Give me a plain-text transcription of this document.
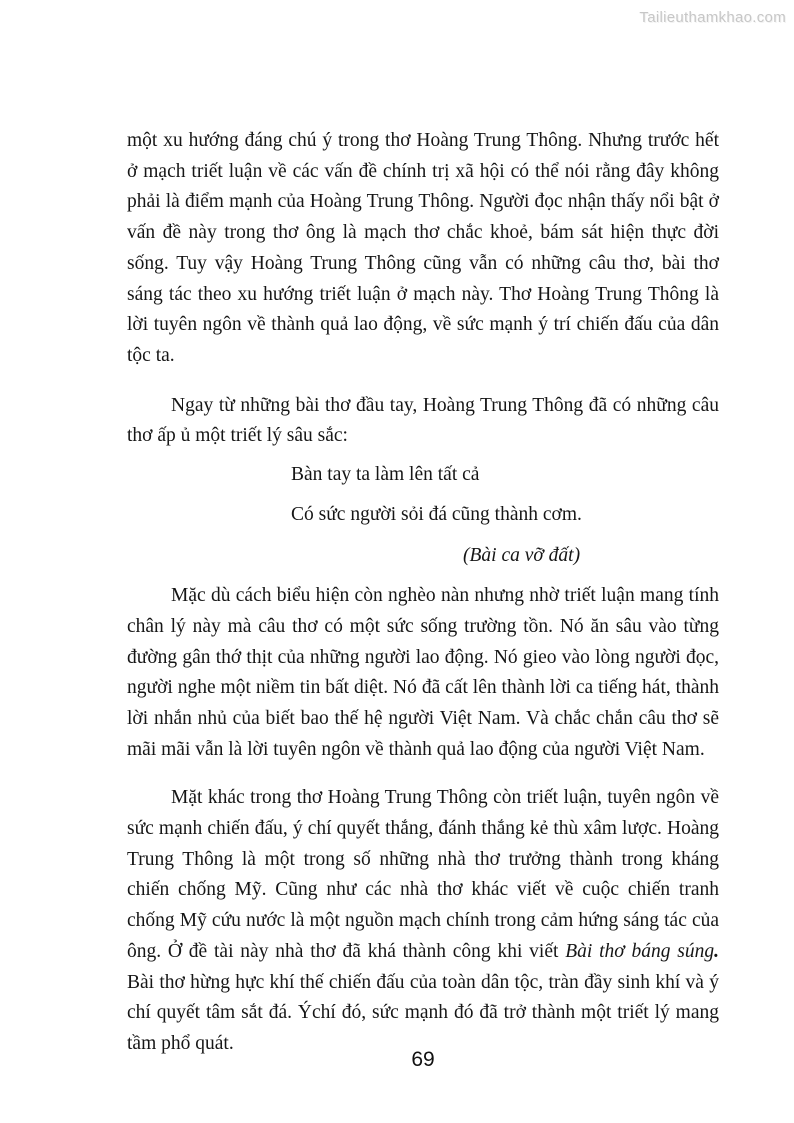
Tailieuthamkhao.com

một xu hướng đáng chú ý trong thơ Hoàng Trung Thông. Nhưng trước hết ở mạch triết luận về các vấn đề chính trị xã hội có thể nói rằng đây không phải là điểm mạnh của Hoàng Trung Thông. Người đọc nhận thấy nổi bật ở vấn đề này trong thơ ông là mạch thơ chắc khoẻ, bám sát hiện thực đời sống. Tuy vậy Hoàng Trung Thông cũng vẫn có những câu thơ, bài thơ sáng tác theo xu hướng triết luận ở mạch này. Thơ Hoàng Trung Thông là lời tuyên ngôn về thành quả lao động, về sức mạnh ý trí chiến đấu của dân tộc ta.

Ngay từ những bài thơ đầu tay, Hoàng Trung Thông đã có những câu thơ ấp ủ một triết lý sâu sắc:

Bàn tay ta làm lên tất cả
Có sức người sỏi đá cũng thành cơm.
(Bài ca vỡ đất)

Mặc dù cách biểu hiện còn nghèo nàn nhưng nhờ triết luận mang tính chân lý này mà câu thơ có một sức sống trường tồn. Nó ăn sâu vào từng đường gân thớ thịt của những người lao động. Nó gieo vào lòng người đọc, người nghe một niềm tin bất diệt. Nó đã cất lên thành lời ca tiếng hát, thành lời nhắn nhủ của biết bao thế hệ người Việt Nam. Và chắc chắn câu thơ sẽ mãi mãi vẫn là lời tuyên ngôn về thành quả lao động của người Việt Nam.

Mặt khác trong thơ Hoàng Trung Thông còn triết luận, tuyên ngôn về sức mạnh chiến đấu, ý chí quyết thắng, đánh thắng kẻ thù xâm lược. Hoàng Trung Thông là một trong số những nhà thơ trưởng thành trong kháng chiến chống Mỹ. Cũng như các nhà thơ khác viết về cuộc chiến tranh chống Mỹ cứu nước là một nguồn mạch chính trong cảm hứng sáng tác của ông. Ở đề tài này nhà thơ đã khá thành công khi viết Bài thơ báng súng. Bài thơ hừng hực khí thế chiến đấu của toàn dân tộc, tràn đầy sinh khí và ý chí quyết tâm sắt đá. Ýchí đó, sức mạnh đó đã trở thành một triết lý mang tầm phổ quát.

69
